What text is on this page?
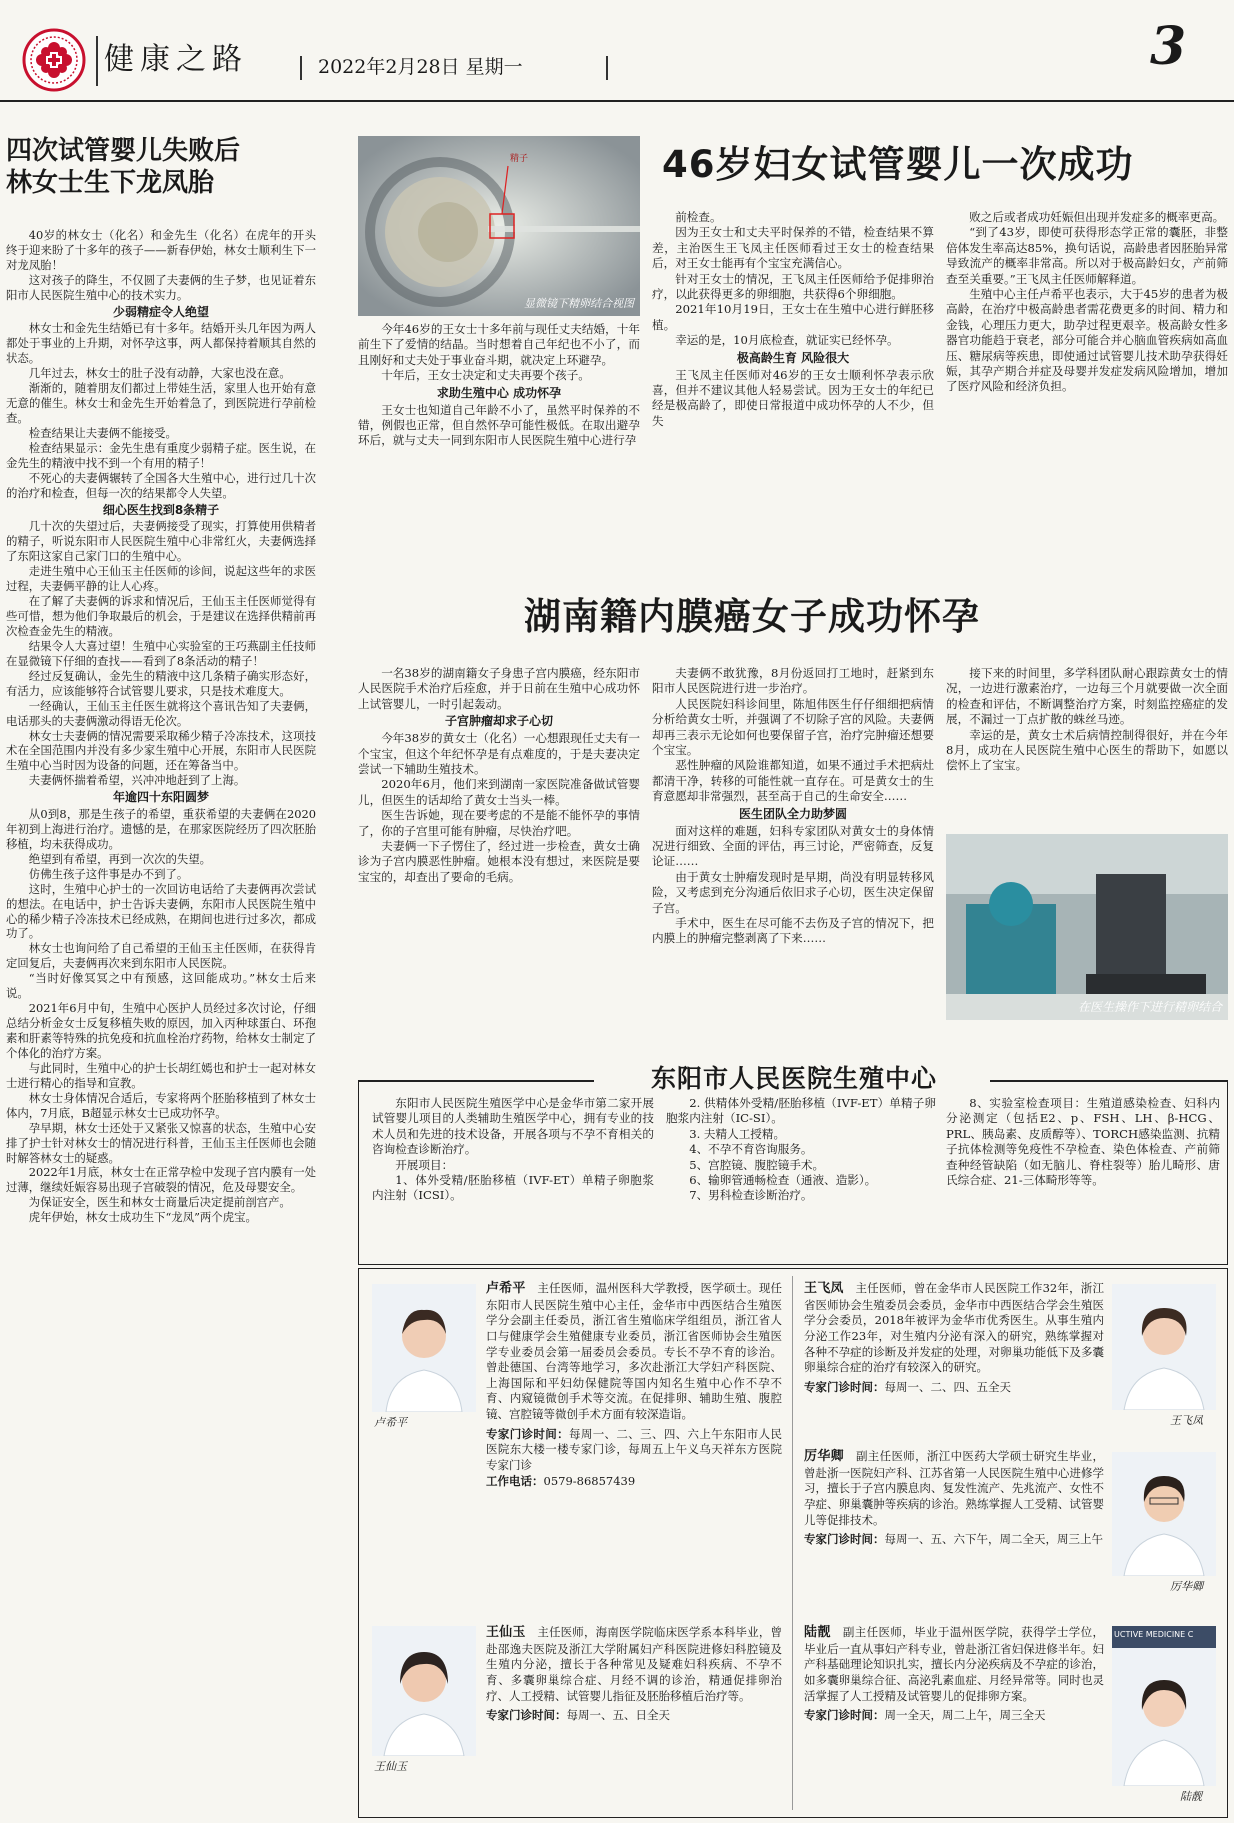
健康之路	2022年2月28日 星期一	3
四次试管婴儿失败后
林女士生下龙凤胎

40岁的林女士（化名）和金先生（化名）在虎年的开头终于迎来盼了十多年的孩子——新春伊始，林女士顺利生下一对龙凤胎！

这对孩子的降生，不仅圆了夫妻俩的生子梦，也见证着东阳市人民医院生殖中心的技术实力。

少弱精症令人绝望

林女士和金先生结婚已有十多年。结婚开头几年因为两人都处于事业的上升期，对怀孕这事，两人都保持着顺其自然的状态。

几年过去，林女士的肚子没有动静，大家也没在意。

渐渐的，随着朋友们都过上带娃生活，家里人也开始有意无意的催生。林女士和金先生开始着急了，到医院进行孕前检查。

检查结果让夫妻俩不能接受。

检查结果显示：金先生患有重度少弱精子症。医生说，在金先生的精液中找不到一个有用的精子！

不死心的夫妻俩辗转了全国各大生殖中心，进行过几十次的治疗和检查，但每一次的结果都令人失望。

细心医生找到8条精子

几十次的失望过后，夫妻俩接受了现实，打算使用供精者的精子，听说东阳市人民医院生殖中心非常红火，夫妻俩选择了东阳这家自己家门口的生殖中心。

走进生殖中心王仙玉主任医师的诊间，说起这些年的求医过程，夫妻俩平静的让人心疼。

在了解了夫妻俩的诉求和情况后，王仙玉主任医师觉得有些可惜，想为他们争取最后的机会，于是建议在选择供精前再次检查金先生的精液。

结果令人大喜过望！生殖中心实验室的王巧燕副主任技师在显微镜下仔细的查找——看到了8条活动的精子！

经过反复确认，金先生的精液中这几条精子确实形态好，有活力，应该能够符合试管婴儿要求，只是技术难度大。

一经确认，王仙玉主任医生就将这个喜讯告知了夫妻俩，电话那头的夫妻俩激动得语无伦次。

林女士夫妻俩的情况需要采取稀少精子冷冻技术，这项技术在全国范围内并没有多少家生殖中心开展，东阳市人民医院生殖中心当时因为设备的问题，还在筹备当中。

夫妻俩怀揣着希望，兴冲冲地赶到了上海。

年逾四十东阳圆梦

从0到8，那是生孩子的希望，重获希望的夫妻俩在2020年初到上海进行治疗。遗憾的是，在那家医院经历了四次胚胎移植，均未获得成功。

绝望到有希望，再到一次次的失望。

仿佛生孩子这件事是办不到了。

这时，生殖中心护士的一次回访电话给了夫妻俩再次尝试的想法。在电话中，护士告诉夫妻俩，东阳市人民医院生殖中心的稀少精子冷冻技术已经成熟，在期间也进行过多次，都成功了。

林女士也询问给了自己希望的王仙玉主任医师，在获得肯定回复后，夫妻俩再次来到东阳市人民医院。

“当时好像冥冥之中有预感，这回能成功。”林女士后来说。

2021年6月中旬，生殖中心医护人员经过多次讨论，仔细总结分析金女士反复移植失败的原因，加入丙种球蛋白、环孢素和肝素等特殊的抗免疫和抗血栓治疗药物，给林女士制定了个体化的治疗方案。

与此同时，生殖中心的护士长胡红嫣也和护士一起对林女士进行精心的指导和宣教。

林女士身体情况合适后，专家将两个胚胎移植到了林女士体内，7月底，B超显示林女士已成功怀孕。

孕早期，林女士还处于又紧张又惊喜的状态，生殖中心安排了护士针对林女士的情况进行科普，王仙玉主任医师也会随时解答林女士的疑惑。

2022年1月底，林女士在正常孕检中发现子宫内膜有一处过薄，继续妊娠容易出现子宫破裂的情况，危及母婴安全。

为保证安全，医生和林女士商量后决定提前剖宫产。

虎年伊始，林女士成功生下“龙凤”两个虎宝。

精子
显微镜下精卵结合视图
46岁妇女试管婴儿一次成功

今年46岁的王女士十多年前与现任丈夫结婚，十年前生下了爱情的结晶。当时想着自己年纪也不小了，而且刚好和丈夫处于事业奋斗期，就决定上环避孕。

十年后，王女士决定和丈夫再要个孩子。

求助生殖中心 成功怀孕

王女士也知道自己年龄不小了，虽然平时保养的不错，例假也正常，但自然怀孕可能性极低。在取出避孕环后，就与丈夫一同到东阳市人民医院生殖中心进行孕

前检查。

因为王女士和丈夫平时保养的不错，检查结果不算差，主治医生王飞凤主任医师看过王女士的检查结果后，对王女士能再有个宝宝充满信心。

针对王女士的情况，王飞凤主任医师给予促排卵治疗，以此获得更多的卵细胞，共获得6个卵细胞。

2021年10月19日，王女士在生殖中心进行鲜胚移植。

幸运的是，10月底检查，就证实已经怀孕。

极高龄生育 风险很大

王飞凤主任医师对46岁的王女士顺利怀孕表示欣喜，但并不建议其他人轻易尝试。因为王女士的年纪已经是极高龄了，即使日常报道中成功怀孕的人不少，但失

败之后或者成功妊娠但出现并发症多的概率更高。

“到了43岁，即使可获得形态学正常的囊胚，非整倍体发生率高达85%，换句话说，高龄患者因胚胎异常导致流产的概率非常高。所以对于极高龄妇女，产前筛查至关重要。”王飞凤主任医师解释道。

生殖中心主任卢希平也表示，大于45岁的患者为极高龄，在治疗中极高龄患者需花费更多的时间、精力和金钱，心理压力更大，助孕过程更艰辛。极高龄女性多器官功能趋于衰老，部分可能合并心脑血管疾病如高血压、糖尿病等疾患，即使通过试管婴儿技术助孕获得妊娠，其孕产期合并症及母婴并发症发病风险增加，增加了医疗风险和经济负担。

湖南籍内膜癌女子成功怀孕

一名38岁的湖南籍女子身患子宫内膜癌，经东阳市人民医院手术治疗后痊愈，并于日前在生殖中心成功怀上试管婴儿，一时引起轰动。

子宫肿瘤却求子心切

今年38岁的黄女士（化名）一心想跟现任丈夫有一个宝宝，但这个年纪怀孕是有点难度的，于是夫妻决定尝试一下辅助生殖技术。

2020年6月，他们来到湖南一家医院准备做试管婴儿，但医生的话却给了黄女士当头一棒。

医生告诉她，现在要考虑的不是能不能怀孕的事情了，你的子宫里可能有肿瘤，尽快治疗吧。

夫妻俩一下子愣住了，经过进一步检查，黄女士确诊为子宫内膜恶性肿瘤。她根本没有想过，来医院是要宝宝的，却查出了要命的毛病。

夫妻俩不敢犹豫，8月份返回打工地时，赶紧到东阳市人民医院进行进一步治疗。

人民医院妇科诊间里，陈旭伟医生仔仔细细把病情分析给黄女士听，并强调了不切除子宫的风险。夫妻俩却再三表示无论如何也要保留子宫，治疗完肿瘤还想要个宝宝。

恶性肿瘤的风险谁都知道，如果不通过手术把病灶都清干净，转移的可能性就一直存在。可是黄女士的生育意愿却非常强烈，甚至高于自己的生命安全……

医生团队全力助梦圆

面对这样的难题，妇科专家团队对黄女士的身体情况进行细致、全面的评估，再三讨论，严密筛查，反复论证……

由于黄女士肿瘤发现时是早期，尚没有明显转移风险，又考虑到充分沟通后依旧求子心切，医生决定保留子宫。

手术中，医生在尽可能不去伤及子宫的情况下，把内膜上的肿瘤完整剥离了下来……

接下来的时间里，多学科团队耐心跟踪黄女士的情况，一边进行激素治疗，一边每三个月就要做一次全面的检查和评估，不断调整治疗方案，时刻监控癌症的发展，不漏过一丁点扩散的蛛丝马迹。

幸运的是，黄女士术后病情控制得很好，并在今年8月，成功在人民医院生殖中心医生的帮助下，如愿以偿怀上了宝宝。

在医生操作下进行精卵结合
东阳市人民医院生殖中心

东阳市人民医院生殖医学中心是金华市第二家开展试管婴儿项目的人类辅助生殖医学中心，拥有专业的技术人员和先进的技术设备，开展各项与不孕不育相关的咨询检查诊断治疗。

开展项目：

1、体外受精/胚胎移植（IVF-ET）单精子卵胞浆内注射（ICSI）。

2. 供精体外受精/胚胎移植（IVF-ET）单精子卵胞浆内注射（IC-SI）。

3. 夫精人工授精。

4、不孕不育咨询服务。

5、宫腔镜、腹腔镜手术。

6、输卵管通畅检查（通液、造影）。

7、男科检查诊断治疗。

8、实验室检查项目：生殖道感染检查、妇科内分泌测定（包括E2、p、FSH、LH、β-HCG、PRL、胰岛素、皮质醇等）、TORCH感染监测、抗精子抗体检测等免疫性不孕检查、染色体检查、产前筛查种经管缺陷（如无脑儿、脊柱裂等）胎儿畸形、唐氏综合症、21-三体畸形等等。

卢希平
卢希平 主任医师，温州医科大学教授，医学硕士。现任东阳市人民医院生殖中心主任，金华市中西医结合生殖医学分会副主任委员，浙江省生殖临床学组组员，浙江省人口与健康学会生殖健康专业委员，浙江省医师协会生殖医学专业委员会第一届委员会委员。专长不孕不育的诊治。曾赴德国、台湾等地学习，多次赴浙江大学妇产科医院、上海国际和平妇幼保健院等国内知名生殖中心作不孕不育、内窥镜微创手术等交流。在促排卵、辅助生殖、腹腔镜、宫腔镜等微创手术方面有较深造诣。
专家门诊时间：每周一、二、三、四、六上午东阳市人民医院东大楼一楼专家门诊，每周五上午义乌天祥东方医院专家门诊
工作电话：0579-86857439
王仙玉
王仙玉 主任医师，海南医学院临床医学系本科毕业，曾赴邵逸夫医院及浙江大学附属妇产科医院进修妇科腔镜及生殖内分泌，擅长于各种常见及疑难妇科疾病、不孕不育、多囊卵巢综合症、月经不调的诊治，精通促排卵治疗、人工授精、试管婴儿指征及胚胎移植后治疗等。
专家门诊时间：每周一、五、日全天
王飞凤 主任医师，曾在金华市人民医院工作32年，浙江省医师协会生殖委员会委员，金华市中西医结合学会生殖医学分会委员，2018年被评为金华市优秀医生。从事生殖内分泌工作23年，对生殖内分泌有深入的研究，熟练掌握对各种不孕症的诊断及并发症的处理，对卵巢功能低下及多囊卵巢综合症的治疗有较深入的研究。
专家门诊时间：每周一、二、四、五全天
王飞凤
厉华卿 副主任医师，浙江中医药大学硕士研究生毕业，曾赴浙一医院妇产科、江苏省第一人民医院生殖中心进修学习，擅长于子宫内膜息肉、复发性流产、先兆流产、女性不孕症、卵巢囊肿等疾病的诊治。熟练掌握人工受精、试管婴儿等促排技术。
专家门诊时间：每周一、五、六下午，周二全天，周三上午
厉华卿
陆靓 副主任医师，毕业于温州医学院，获得学士学位，毕业后一直从事妇产科专业，曾赴浙江省妇保进修半年。妇产科基础理论知识扎实，擅长内分泌疾病及不孕症的诊治，如多囊卵巢综合征、高泌乳素血症、月经异常等。同时也灵活掌握了人工授精及试管婴儿的促排卵方案。
专家门诊时间：周一全天，周二上午，周三全天
UCTIVE MEDICINE C
陆靓
